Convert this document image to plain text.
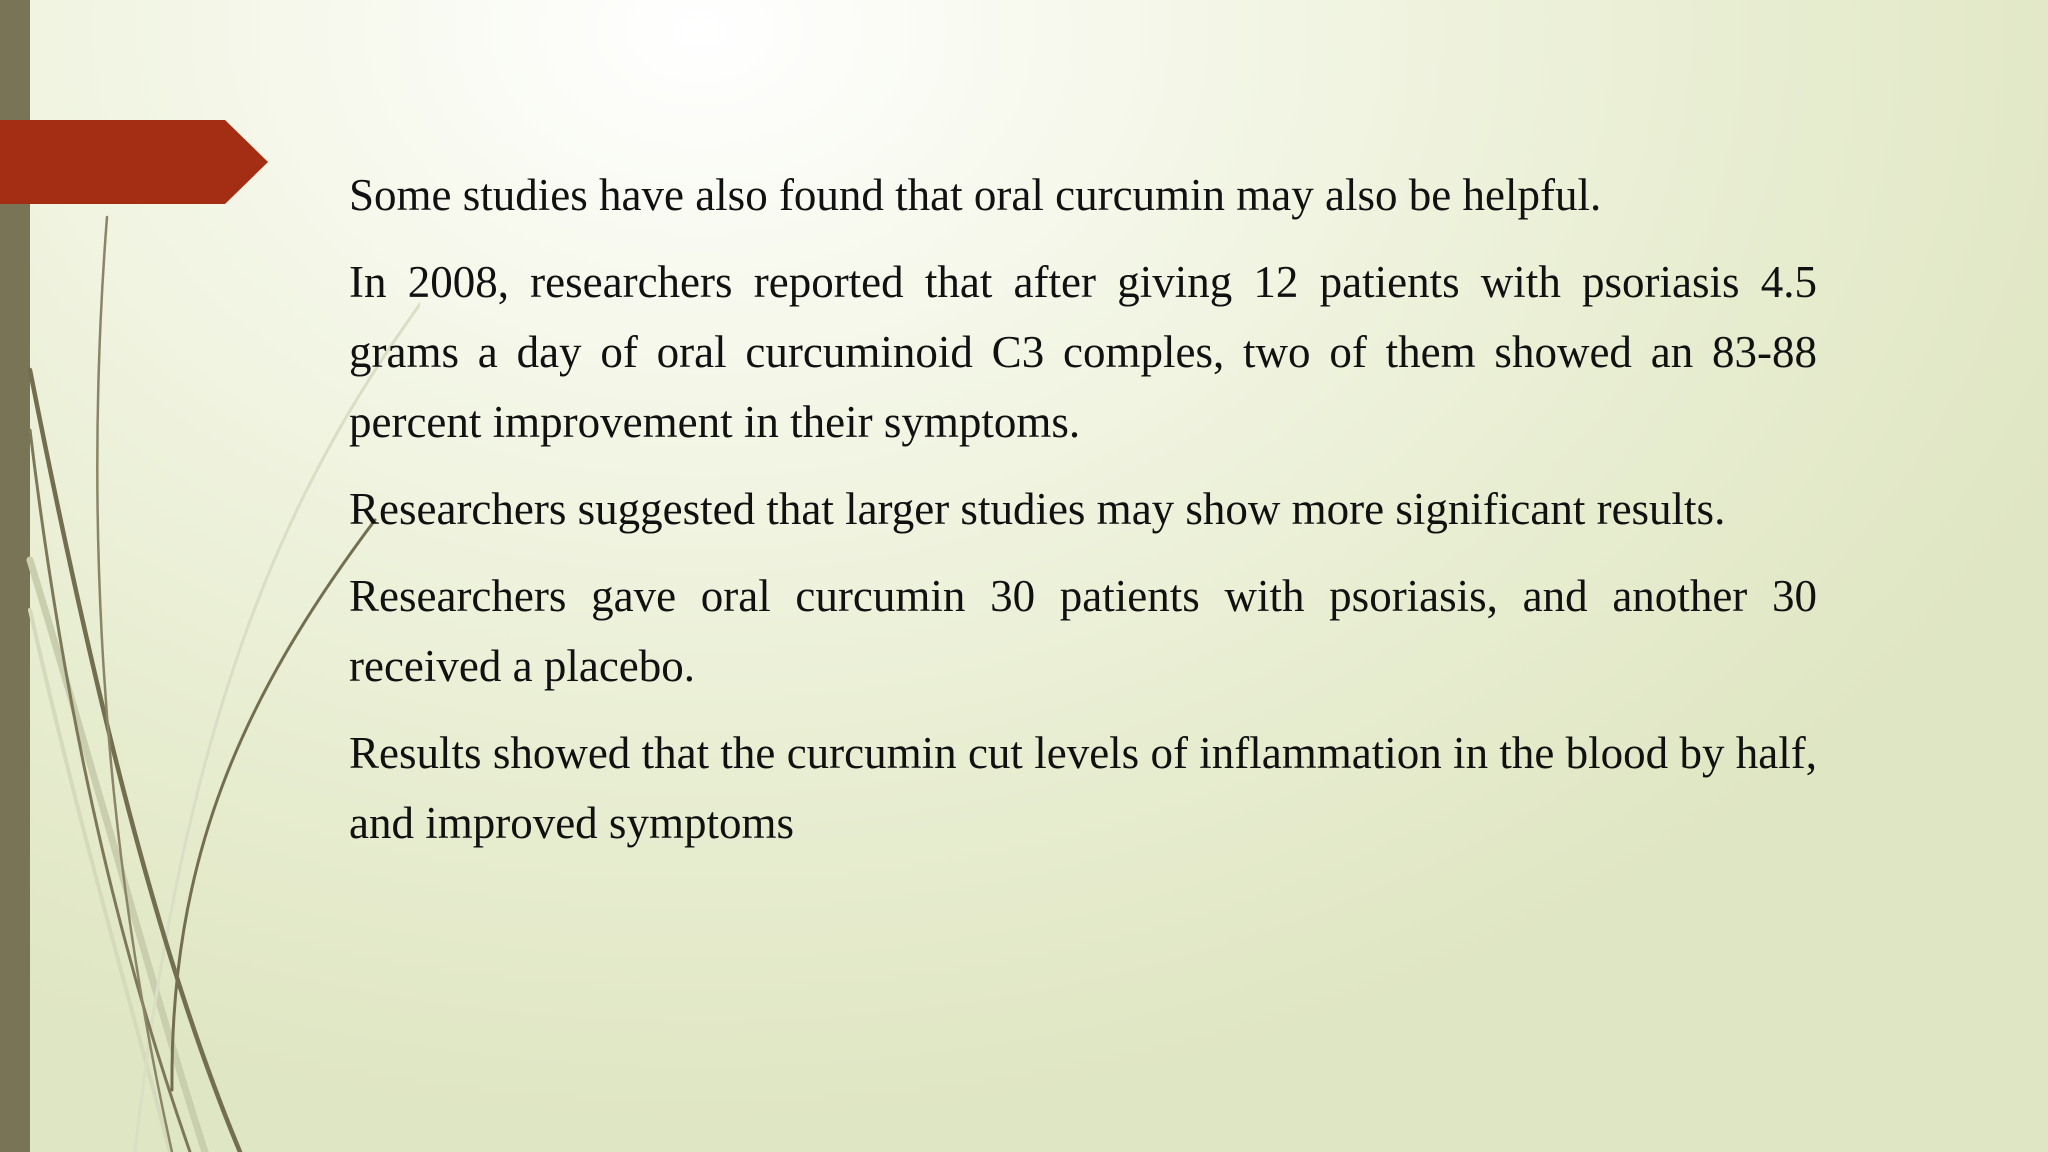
Some studies have also found that oral curcumin may also be helpful.

In 2008, researchers reported that after giving 12 patients with psoriasis 4.5 grams a day of oral curcuminoid C3 comples, two of them showed an 83-88 percent improvement in their symptoms.

Researchers suggested that larger studies may show more significant results.

Researchers gave oral curcumin 30 patients with psoriasis, and another 30 received a placebo.

Results showed that the curcumin cut levels of inflammation in the blood by half, and improved symptoms
